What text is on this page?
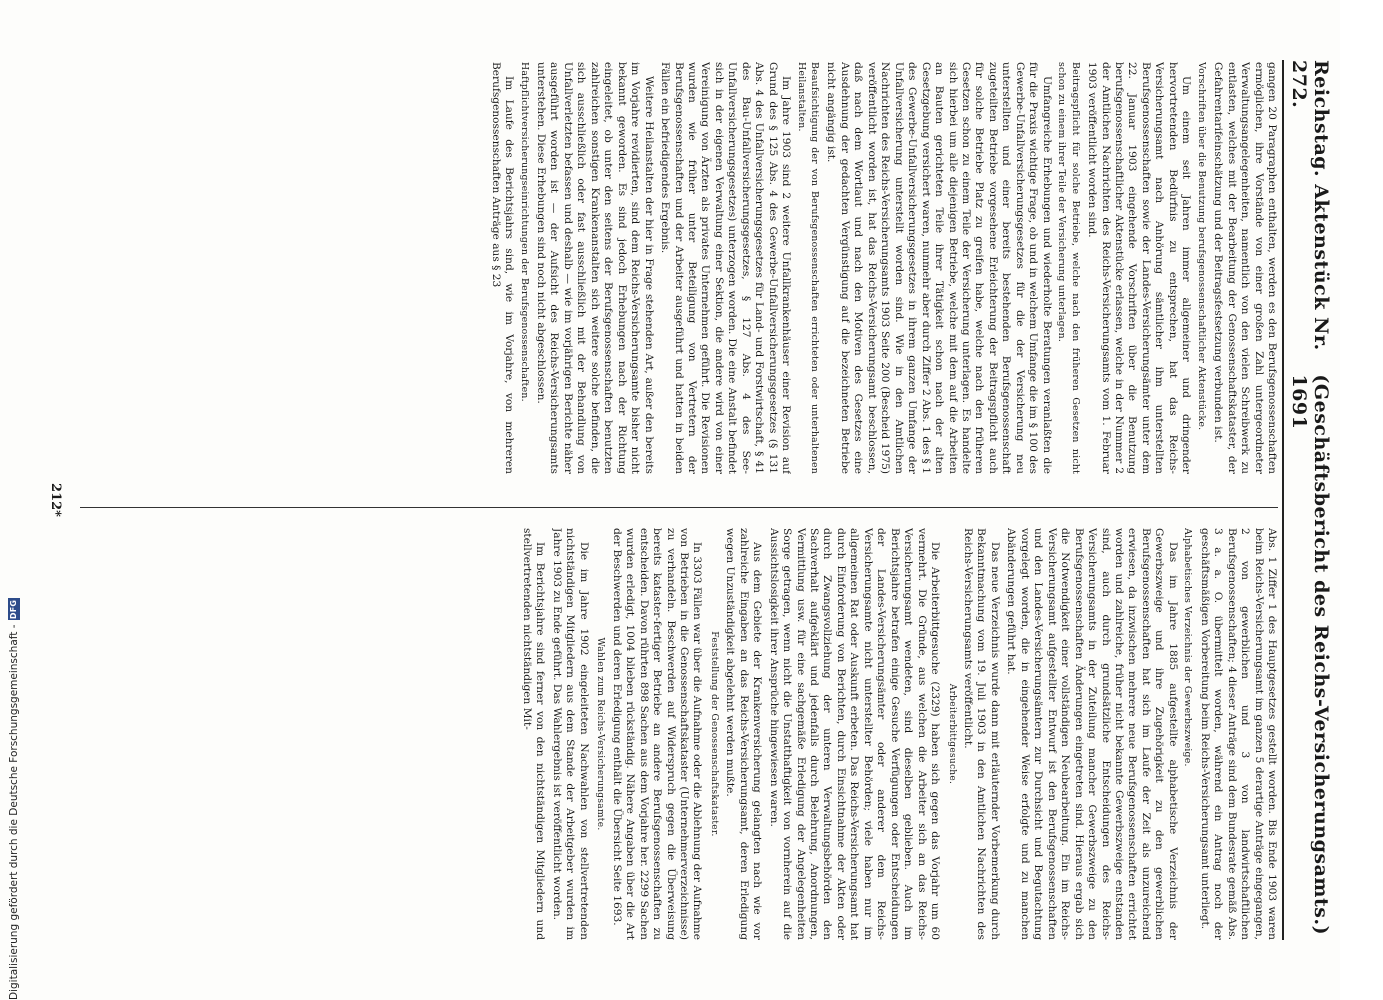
Reichstag. Aktenstück Nr. 272.
(Geschäftsbericht des Reichs-Versicherungsamts.) 1691

gangen 20 Paragraphen enthalten, werden es den Berufsgenossenschaften ermöglichen, ihre Vorstände von einer großen Zahl untergeordneter Verwaltungsangelegenheiten, namentlich von den vielen Schreibwerk zu entlasten, welches mit der Bearbeitung der Genossenschaftskataster, der Gefahrentarifeinschätzung und der Beitragsfestsetzung verbunden ist.

Vorschriften über die Benutzung berufsgenossenschaftlicher Aktenstücke.

Um einem seit Jahren immer allgemeiner und dringender hervortretenden Bedürfnis zu entsprechen, hat das Reichs-Versicherungsamt nach Anhörung sämtlicher ihm unterstellten Berufsgenossenschaften sowie der Landes-Versicherungsämter unter dem 22. Januar 1903 eingehende Vorschriften über die Benutzung berufsgenossenschaftlicher Aktenstücke erlassen, welche in der Nummer 2 der Amtlichen Nachrichten des Reichs-Versicherungsamts vom 1. Februar 1903 veröffentlicht worden sind.

Beitragspflicht für solche Betriebe, welche nach den früheren Gesetzen nicht schon zu einem ihrer Teile der Versicherung unterlagen.

Umfangreiche Erhebungen und wiederholte Beratungen veranlaßten die für die Praxis wichtige Frage, ob und in welchem Umfange die im § 100 des Gewerbe-Unfallversicherungsgesetzes für die der Versicherung neu unterstellten und einer bereits bestehenden Berufsgenossenschaft zugeteilten Betriebe vorgesehene Erleichterung der Beitragspflicht auch für solche Betriebe Platz zu greifen habe, welche nach den früheren Gesetzen schon zu einem Teile der Versicherung unterlagen. Es handelte sich hierbei um alle diejenigen Betriebe, welche mit dem auf die Arbeiten an Bauten gerichteten Teile ihrer Tätigkeit schon nach der alten Gesetzgebung versichert waren, nunmehr aber durch Ziffer 2 Abs. 1 des § 1 des Gewerbe-Unfallversicherungsgesetzes in ihrem ganzen Umfange der Unfallversicherung unterstellt worden sind. Wie in den Amtlichen Nachrichten des Reichs-Versicherungsamts 1903 Seite 200 (Bescheid 1975) veröffentlicht worden ist, hat das Reichs-Versicherungsamt beschlossen, daß nach dem Wortlaut und nach den Motiven des Gesetzes eine Ausdehnung der gedachten Vergünstigung auf die bezeichneten Betriebe nicht angängig ist.

Beaufsichtigung der von Berufsgenossenschaften errichteten oder unterhaltenen Heilanstalten.

Im Jahre 1903 sind 2 weitere Unfallkrankenhäuser einer Revision auf Grund des § 125 Abs. 4 des Gewerbe-Unfallversicherungsgesetzes (§ 131 Abs. 4 des Unfallversicherungsgesetzes für Land- und Forstwirtschaft, § 41 des Bau-Unfallversicherungsgesetzes, § 127 Abs. 4 des See-Unfallversicherungsgesetzes) unterzogen worden. Die eine Anstalt befindet sich in der eigenen Verwaltung einer Sektion, die andere wird von einer Vereinigung von Ärzten als privates Unternehmen geführt. Die Revisionen wurden wie früher unter Beteiligung von Vertretern der Berufsgenossenschaften und der Arbeiter ausgeführt und hatten in beiden Fällen ein befriedigendes Ergebnis.

Weitere Heilanstalten der hier in Frage stehenden Art, außer den bereits im Vorjahre revidierten, sind dem Reichs-Versicherungsamte bisher nicht bekannt geworden. Es sind jedoch Erhebungen nach der Richtung eingeleitet, ob unter den seitens der Berufsgenossenschaften benutzten zahlreichen sonstigen Krankenanstalten sich weitere solche befinden, die sich ausschließlich oder fast ausschließlich mit der Behandlung von Unfallverletzten befassen und deshalb — wie im vorjährigen Berichte näher ausgeführt worden ist — der Aufsicht des Reichs-Versicherungsamts unterstehen. Diese Erhebungen sind noch nicht abgeschlossen.

Haftpflichtversicherungseinrichtungen der Berufsgenossenschaften.

Im Laufe des Berichtsjahrs sind, wie im Vorjahre, von mehreren Berufsgenossenschaften Anträge aus § 23

Abs. 1 Ziffer 1 des Hauptgesetzes gestellt worden. Bis Ende 1903 waren beim Reichs-Versicherungsamt im ganzen 5 derartige Anträge eingegangen, 2 von gewerblichen und 3 von landwirtschaftlichen Berufsgenossenschaften; 4 dieser Anträge sind dem Bundesrate gemäß Abs. 3 a. a. O. übermittelt worden, während ein Antrag noch der geschäftsmäßigen Vorbereitung beim Reichs-Versicherungsamt unterliegt.

Alphabetisches Verzeichnis der Gewerbszweige.

Das im Jahre 1885 aufgestellte alphabetische Verzeichnis der Gewerbszweige und ihre Zugehörigkeit zu den gewerblichen Berufsgenossenschaften hat sich im Laufe der Zeit als unzureichend erwiesen, da inzwischen mehrere neue Berufsgenossenschaften errichtet worden und zahlreiche, früher nicht bekannte Gewerbszweige entstanden sind, auch durch grundsätzliche Entscheidungen des Reichs-Versicherungsamts in der Zuteilung mancher Gewerbszweige zu den Berufsgenossenschaften Änderungen eingetreten sind. Hieraus ergab sich die Notwendigkeit einer vollständigen Neubearbeitung. Ein im Reichs-Versicherungsamt aufgestellter Entwurf ist den Berufsgenossenschaften und den Landes-Versicherungsämtern zur Durchsicht und Begutachtung vorgelegt worden, die in eingehender Weise erfolgte und zu manchen Abänderungen geführt hat.

Das neue Verzeichnis wurde dann mit erläuternder Vorbemerkung durch Bekanntmachung vom 19. Juli 1903 in den Amtlichen Nachrichten des Reichs-Versicherungsamts veröffentlicht.

Arbeiterbittgesuche.

Die Arbeiterbittgesuche (2329) haben sich gegen das Vorjahr um 60 vermehrt. Die Gründe, aus welchen die Arbeiter sich an das Reichs-Versicherungsamt wendeten, sind dieselben geblieben. Auch im Berichtsjahre betrafen einige Gesuche Verfügungen oder Entscheidungen der Landes-Versicherungsämter oder anderer dem Reichs-Versicherungsamte nicht unterstellter Behörden; viele haben nur im allgemeinen Rat oder Auskunft erbeten. Das Reichs-Versicherungsamt hat durch Einforderung von Berichten, durch Einsichtnahme der Akten oder durch Zwangsvollziehung der unteren Verwaltungsbehörden den Sachverhalt aufgeklärt und jedenfalls durch Belehrung, Anordnungen, Vermittlung usw. für eine sachgemäße Erledigung der Angelegenheiten Sorge getragen, wenn nicht die Unstatthaftigkeit von vornherein auf die Aussichtslosigkeit ihrer Ansprüche hingewiesen waren.

Aus dem Gebiete der Krankenversicherung gelangten nach wie vor zahlreiche Eingaben an das Reichs-Versicherungsamt, deren Erledigung wegen Unzuständigkeit abgelehnt werden mußte.

Feststellung der Genossenschaftskataster.

In 3303 Fällen war über die Aufnahme oder die Ablehnung der Aufnahme von Betrieben in die Genossenschaftskataster (Unternehmerverzeichnisse) zu verhandeln. Beschwerden auf Widerspruch gegen die Überweisung bereits kataster-fertiger Betriebe an andere Berufsgenossenschaften zu entscheiden. Davon rührten 898 Sachen aus dem Vorjahre her. 2299 Sachen wurden erledigt, 1004 blieben rückständig. Nähere Angaben über die Art der Beschwerden und deren Erledigung enthält die Übersicht Seite 1693.

Wahlen zum Reichs-Versicherungsamte.

Die im Jahre 1902 eingeleiteten Nachwahlen von stellvertretenden nichtständigen Mitgliedern aus dem Stande der Arbeitgeber wurden im Jahre 1903 zu Ende geführt. Das Wahlergebnis ist veröffentlicht worden.

Im Berichtsjahre sind ferner von den nichtständigen Mitgliedern und stellvertretenden nichtständigen Mit-

212*
Digitalisierung gefördert durch die Deutsche Forschungsgemeinschaft -
DFG
